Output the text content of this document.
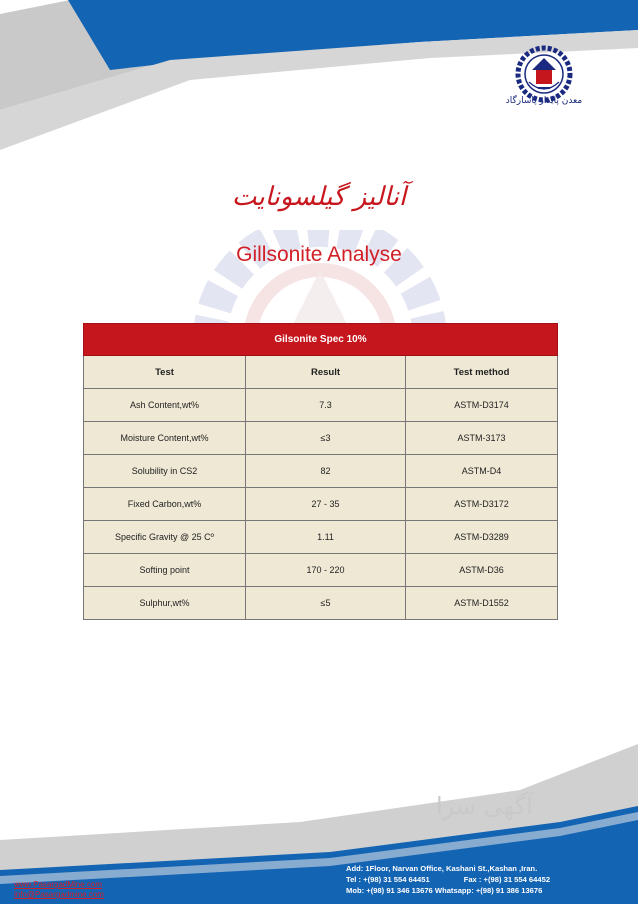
معدن پایدار پاسارگاد
آنالیز گیلسونایت
Gillsonite Analyse
Gilsonite Spec 10%		
Test	Result	Test method
Ash Content,wt%	7.3	ASTM-D3174
Moisture Content,wt%	≤3	ASTM-3173
Solubility in CS2	82	ASTM-D4
Fixed Carbon,wt%	27 - 35	ASTM-D3172
Specific Gravity @ 25 Cº	1.11	ASTM-D3289
Softing point	170 - 220	ASTM-D36
Sulphur,wt%	≤5	ASTM-D1552
آگهی سرا
Add:
1Floor, Narvan Office, Kashani St.,Kashan ,Iran.
Tel :
+(98) 31 554 64451	Fax :
+(98) 31 554 64452
Mob:
+(98) 91 346 13676
Whatsapp:
+(98) 91 386 13676
www.PasargadMine.com
info@Pasargadmine.com
